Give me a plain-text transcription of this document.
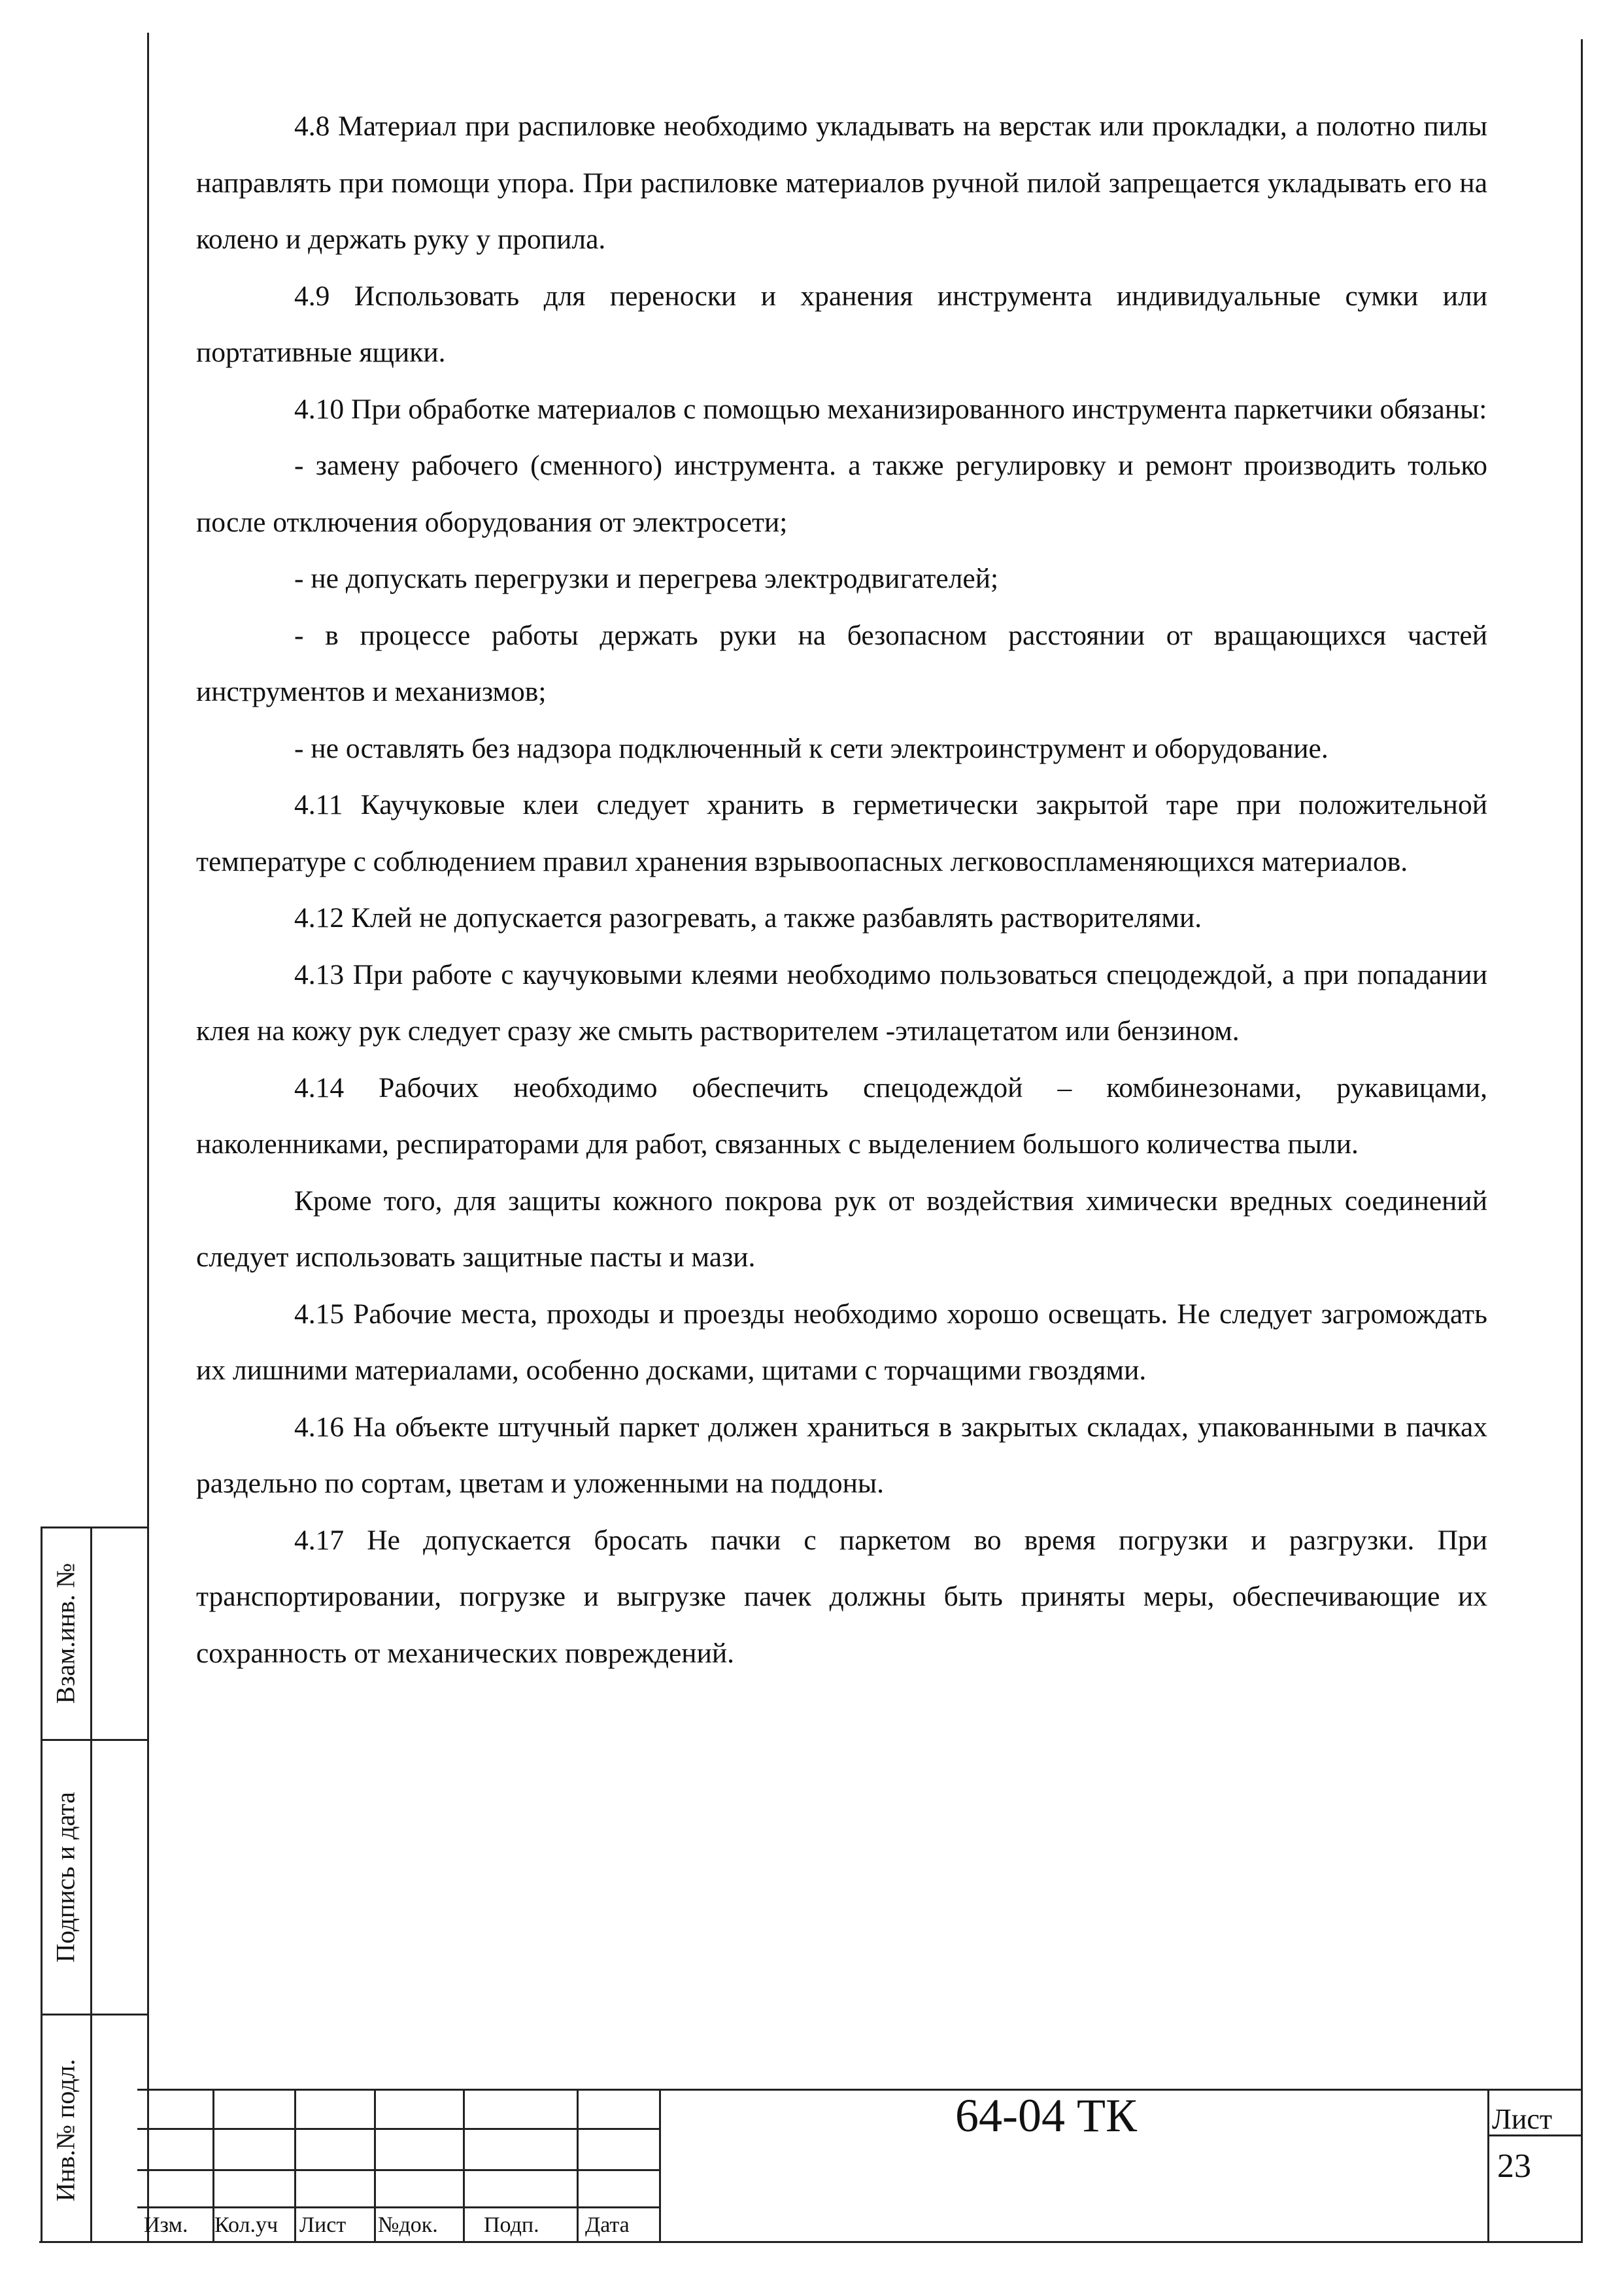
4.8 Материал при распиловке необходимо укладывать на верстак или прокладки, а полотно пилы направлять при помощи упора. При распиловке материалов ручной пилой запрещается укладывать его на колено и держать руку у пропила.

4.9 Использовать для переноски и хранения инструмента индивидуальные сумки или портативные ящики.

4.10 При обработке материалов с помощью механизированного инструмента паркетчики обязаны:

- замену рабочего (сменного) инструмента. а также регулировку и ремонт производить только после отключения оборудования от электросети;

- не допускать перегрузки и перегрева электродвигателей;

- в процессе работы держать руки на безопасном расстоянии от вращающихся частей инструментов и механизмов;

- не оставлять без надзора подключенный к сети электроинструмент и оборудование.

4.11 Каучуковые клеи следует хранить в герметически закрытой таре при положительной температуре с соблюдением правил хранения взрывоопасных легковоспламеняющихся материалов.

4.12 Клей не допускается разогревать, а также разбавлять растворителями.

4.13 При работе с каучуковыми клеями необходимо пользоваться спецодеждой, а при попадании клея на кожу рук следует сразу же смыть растворителем -этилацетатом или бензином.

4.14 Рабочих необходимо обеспечить спецодеждой – комбинезонами, рукавицами, наколенниками, респираторами для работ, связанных с выделением большого количества пыли.

Кроме того, для защиты кожного покрова рук от воздействия химически вредных соединений следует использовать защитные пасты и мази.

4.15 Рабочие места, проходы и проезды необходимо хорошо освещать. Не следует загромождать их лишними материалами, особенно досками, щитами с торчащими гвоздями.

4.16 На объекте штучный паркет должен храниться в закрытых складах, упакованными в пачках раздельно по сортам, цветам и уложенными на поддоны.

4.17 Не допускается бросать пачки с паркетом во время погрузки и разгрузки. При транспортировании, погрузке и выгрузке пачек должны быть приняты меры, обеспечивающие их сохранность от механических повреждений.

Взам.инв. №
Подпись и дата
Инв.№ подл.
Изм. Кол.уч Лист №док. Подп. Дата
64-04 ТК	Лист
23
